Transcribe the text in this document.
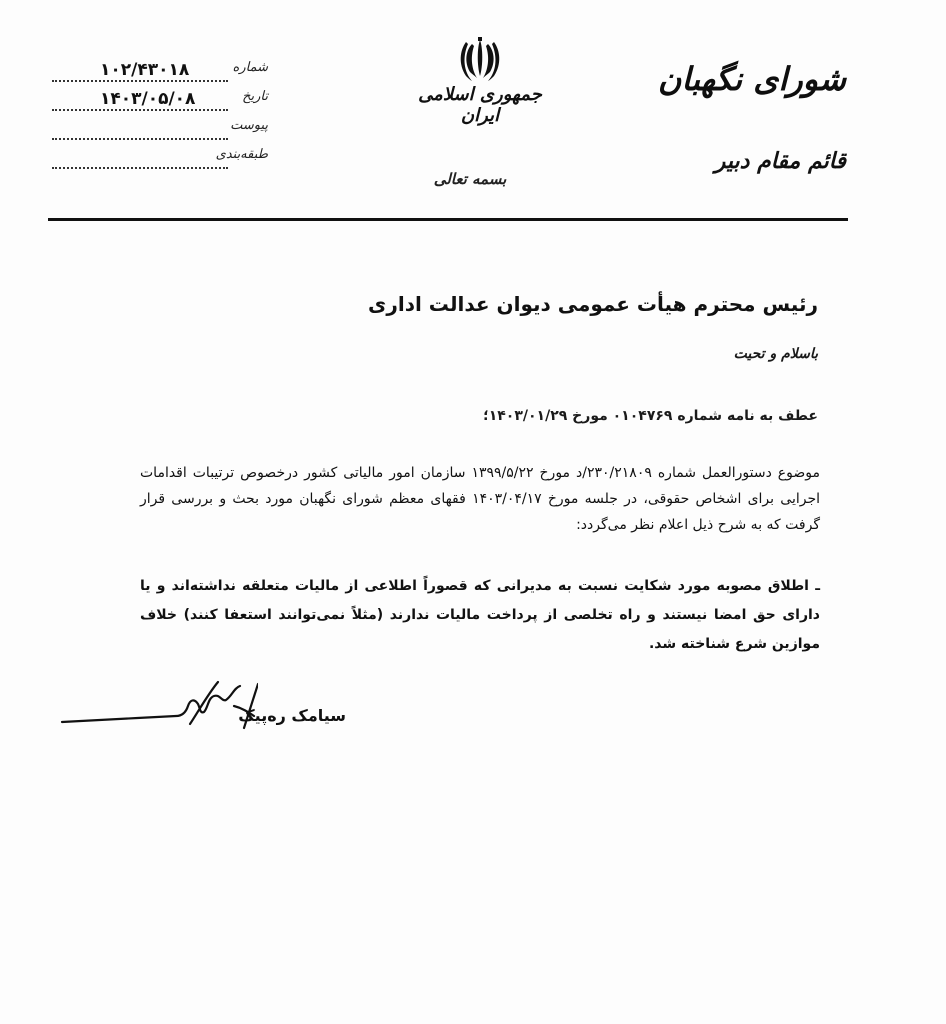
شماره
۱۰۲/۴۳۰۱۸
تاریخ
۱۴۰۳/۰۵/۰۸
پیوست
طبقه‌بندی
جمهوری اسلامی ایران
بسمه تعالی
شورای نگهبان
قائم مقام دبیر
رئیس محترم هیأت عمومی دیوان عدالت اداری
باسلام و تحیت
عطف به نامه شماره ۰۱۰۴۷۶۹ مورخ ۱۴۰۳/۰۱/۲۹؛
موضوع دستورالعمل شماره ۲۳۰/۲۱۸۰۹/د مورخ ۱۳۹۹/۵/۲۲ سازمان امور مالیاتی کشور درخصوص ترتیبات اقدامات اجرایی برای اشخاص حقوقی، در جلسه مورخ ۱۴۰۳/۰۴/۱۷ فقهای معظم شورای نگهبان مورد بحث و بررسی قرار گرفت که به شرح ذیل اعلام نظر می‌گردد:
ـ اطلاق مصوبه مورد شکایت نسبت به مدیرانی که قصوراً اطلاعی از مالیات متعلقه نداشته‌اند و یا دارای حق امضا نیستند و راه تخلصی از پرداخت مالیات ندارند (مثلاً نمی‌توانند استعفا کنند) خلاف موازین شرع شناخته شد.
سیامک ره‌پیک
